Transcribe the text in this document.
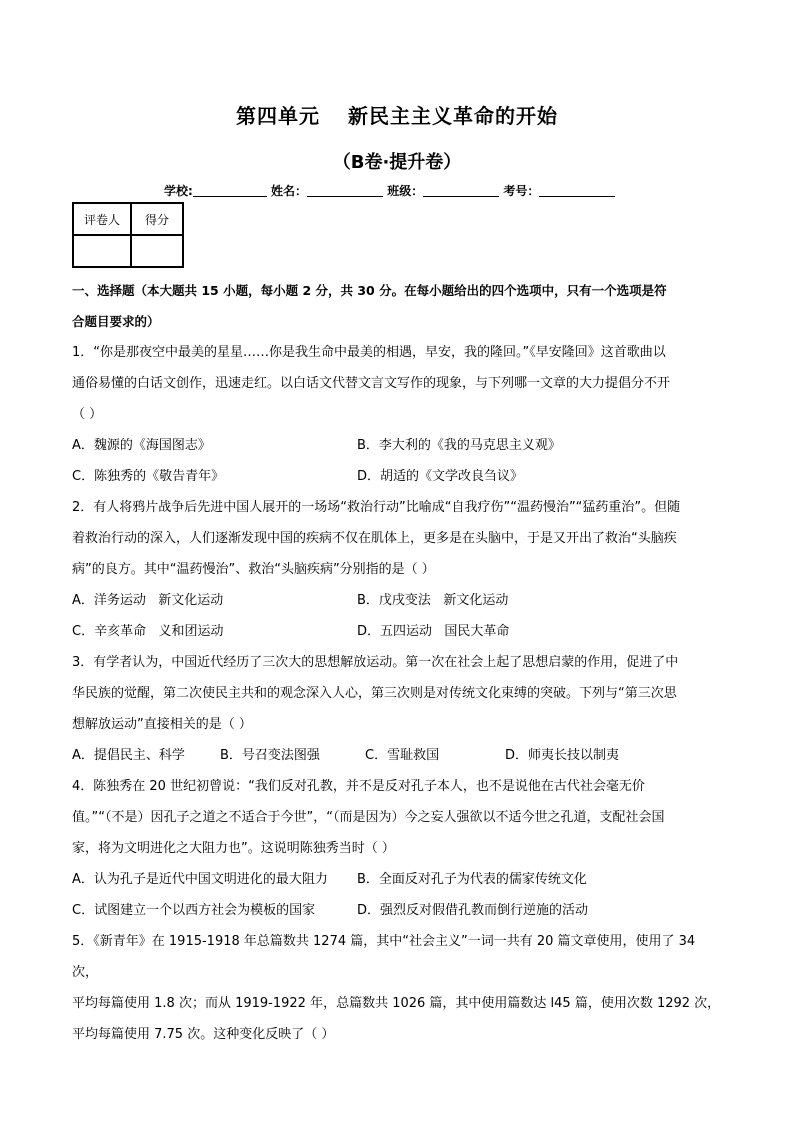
第四单元 新民主主义革命的开始
（B卷·提升卷）
学校:	姓名：	班级：	考号：
评卷人	得分

一、选择题（本大题共 15 小题，每小题 2 分，共 30 分。在每小题给出的四个选项中，只有一个选项是符
合题目要求的）
1．“你是那夜空中最美的星星……你是我生命中最美的相遇，早安，我的隆回。”《早安隆回》这首歌曲以
通俗易懂的白话文创作，迅速走红。以白话文代替文言文写作的现象，与下列哪一文章的大力提倡分不开
（ ）
A．魏源的《海国图志》	B．李大利的《我的马克思主义观》
C．陈独秀的《敬告青年》	D．胡适的《文学改良刍议》
2．有人将鸦片战争后先进中国人展开的一场场“救治行动”比喻成“自我疗伤”“温药慢治”“猛药重治”。但随
着救治行动的深入，人们逐渐发现中国的疾病不仅在肌体上，更多是在头脑中，于是又开出了救治“头脑疾
病”的良方。其中“温药慢治”、救治“头脑疾病”分别指的是（ ）
A．洋务运动   新文化运动	B．戊戌变法   新文化运动
C．辛亥革命   义和团运动	D．五四运动   国民大革命
3．有学者认为，中国近代经历了三次大的思想解放运动。第一次在社会上起了思想启蒙的作用，促进了中
华民族的觉醒，第二次使民主共和的观念深入人心，第三次则是对传统文化束缚的突破。下列与“第三次思
想解放运动”直接相关的是（ ）
A．提倡民主、科学	B．号召变法图强	C．雪耻救国	D．师夷长技以制夷
4．陈独秀在 20 世纪初曾说：“我们反对孔教，并不是反对孔子本人，也不是说他在古代社会毫无价
值。”“（不是）因孔子之道之不适合于今世”，“（而是因为）今之妄人强欲以不适今世之孔道，支配社会国
家，将为文明进化之大阻力也”。这说明陈独秀当时（ ）
A．认为孔子是近代中国文明进化的最大阻力	B．全面反对孔子为代表的儒家传统文化
C．试图建立一个以西方社会为模板的国家	D．强烈反对假借孔教而倒行逆施的活动
5．《新青年》在 1915-1918 年总篇数共 1274 篇，其中“社会主义”一词一共有 20 篇文章使用，使用了 34 次，
平均每篇使用 1.8 次；而从 1919-1922 年，总篇数共 1026 篇，其中使用篇数达 l45 篇，使用次数 1292 次，
平均每篇使用 7.75 次。这种变化反映了（ ）
